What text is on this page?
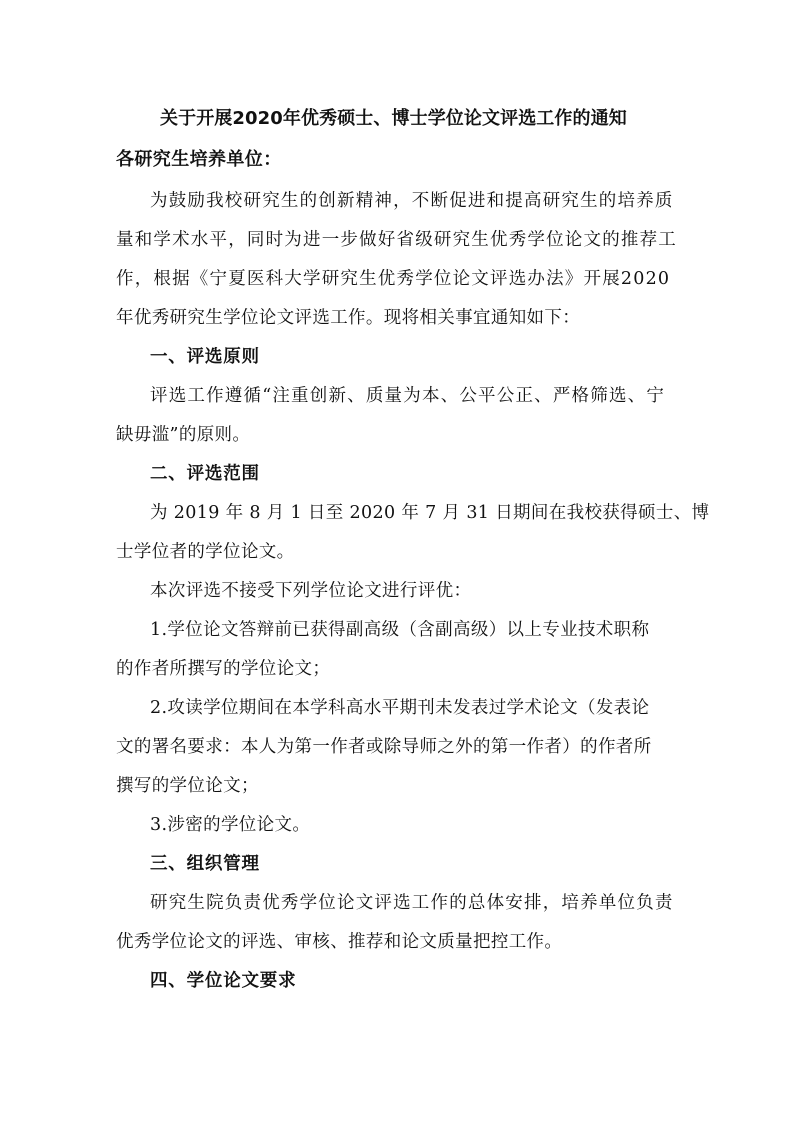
关于开展2020年优秀硕士、博士学位论文评选工作的通知
各研究生培养单位：
为鼓励我校研究生的创新精神，不断促进和提高研究生的培养质
量和学术水平，同时为进一步做好省级研究生优秀学位论文的推荐工
作，根据《宁夏医科大学研究生优秀学位论文评选办法》开展2020
年优秀研究生学位论文评选工作。现将相关事宜通知如下：
一、评选原则
评选工作遵循“注重创新、质量为本、公平公正、严格筛选、宁
缺毋滥”的原则。
二、评选范围
为 2019 年 8 月 1 日至 2020 年 7 月 31 日期间在我校获得硕士、博
士学位者的学位论文。
本次评选不接受下列学位论文进行评优：
1.学位论文答辩前已获得副高级（含副高级）以上专业技术职称
的作者所撰写的学位论文；
2.攻读学位期间在本学科高水平期刊未发表过学术论文（发表论
文的署名要求：本人为第一作者或除导师之外的第一作者）的作者所
撰写的学位论文；
3.涉密的学位论文。
三、组织管理
研究生院负责优秀学位论文评选工作的总体安排，培养单位负责
优秀学位论文的评选、审核、推荐和论文质量把控工作。
四、学位论文要求
